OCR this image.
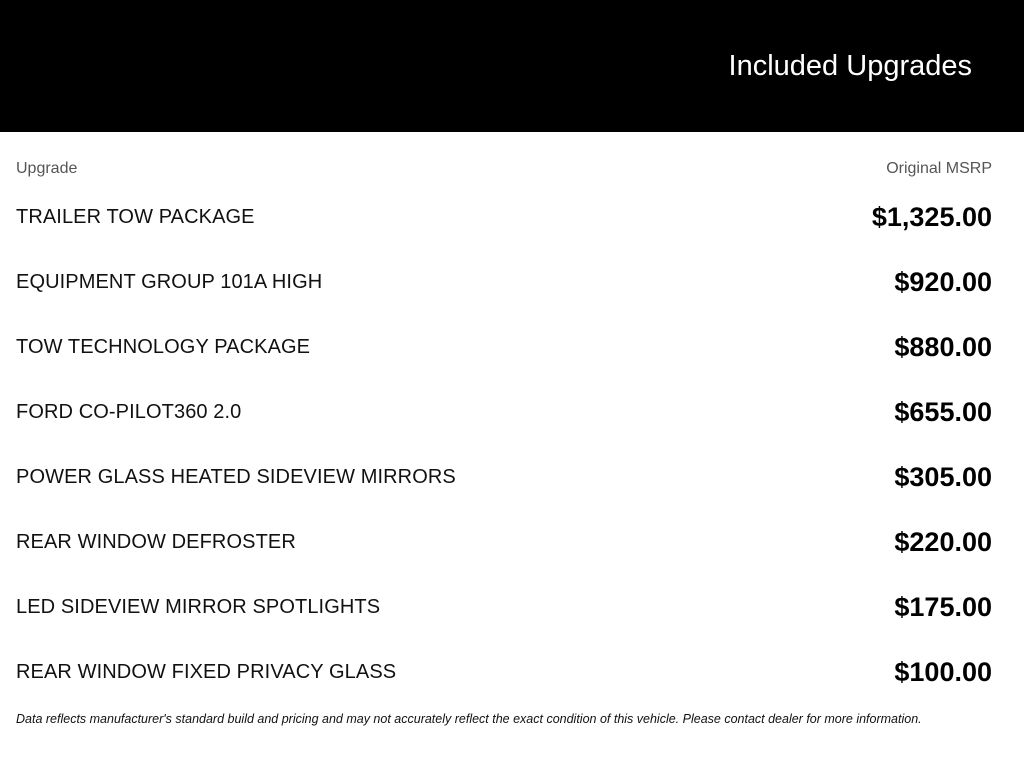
Included Upgrades
Upgrade	Original MSRP
TRAILER TOW PACKAGE	$1,325.00
EQUIPMENT GROUP 101A HIGH	$920.00
TOW TECHNOLOGY PACKAGE	$880.00
FORD CO-PILOT360 2.0	$655.00
POWER GLASS HEATED SIDEVIEW MIRRORS	$305.00
REAR WINDOW DEFROSTER	$220.00
LED SIDEVIEW MIRROR SPOTLIGHTS	$175.00
REAR WINDOW FIXED PRIVACY GLASS	$100.00

Data reflects manufacturer's standard build and pricing and may not accurately reflect the exact condition of this vehicle. Please contact dealer for more information.
